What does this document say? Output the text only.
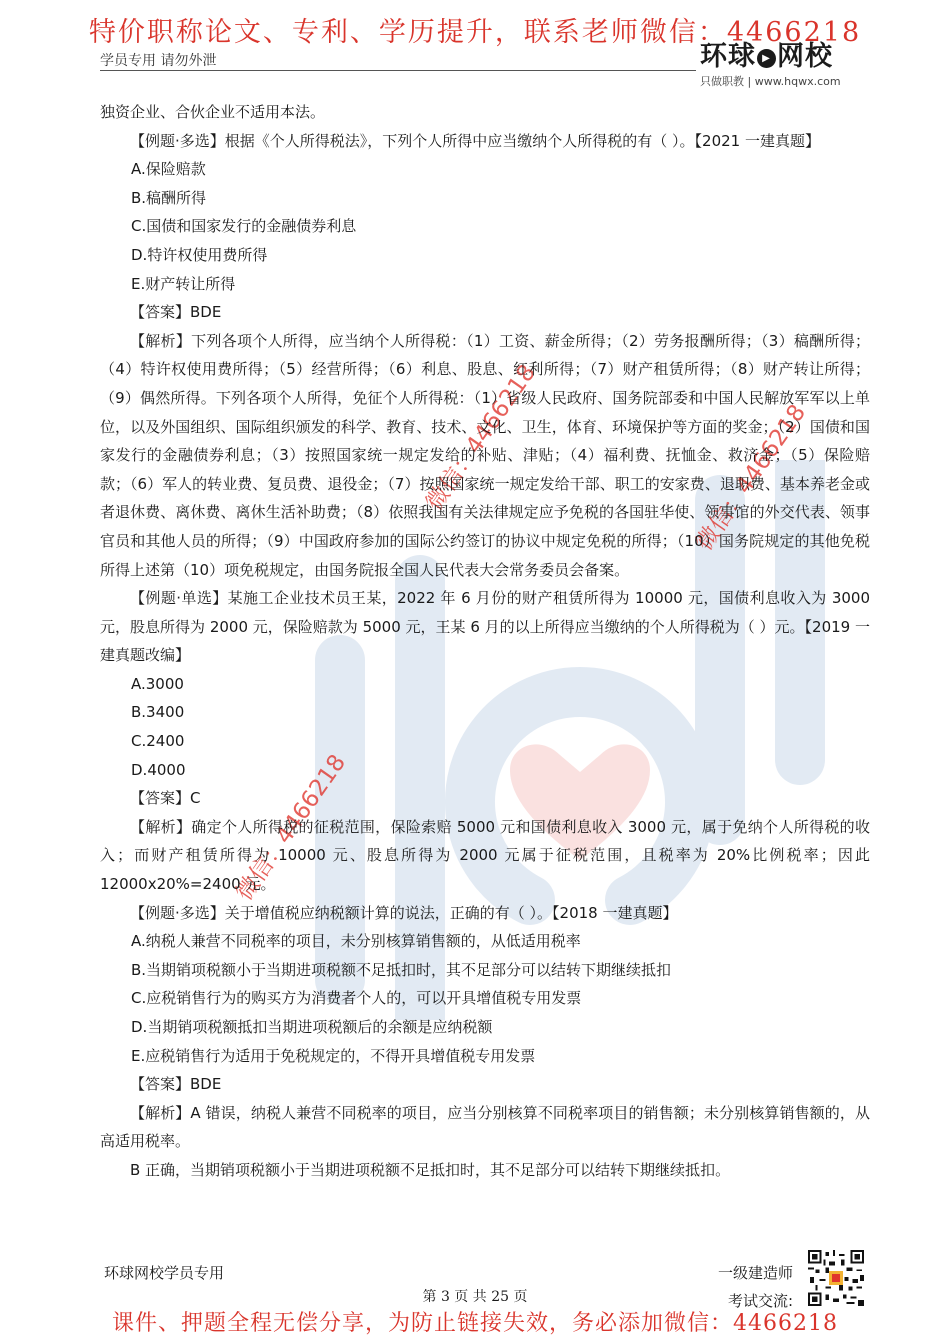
特价职称论文、专利、学历提升，联系老师微信：4466218
学员专用 请勿外泄	环球 ▶ 网校
只做职教 | www.hqwx.com
微信：4466218	微信：4466218
微信：4466218

独资企业、合伙企业不适用本法。

【例题·多选】根据《个人所得税法》，下列个人所得中应当缴纳个人所得税的有（ ）。【2021 一建真题】

A.保险赔款

B.稿酬所得

C.国债和国家发行的金融债券利息

D.特许权使用费所得

E.财产转让所得

【答案】BDE

【解析】下列各项个人所得，应当纳个人所得税：（1）工资、薪金所得；（2）劳务报酬所得；（3）稿酬所得；（4）特许权使用费所得；（5）经营所得；（6）利息、股息、红利所得；（7）财产租赁所得；（8）财产转让所得；（9）偶然所得。下列各项个人所得，免征个人所得税：（1）省级人民政府、国务院部委和中国人民解放军军以上单位，以及外国组织、国际组织颁发的科学、教育、技术、文化、卫生，体育、环境保护等方面的奖金；（2）国债和国家发行的金融债券利息；（3）按照国家统一规定发给的补贴、津贴；（4）福利费、抚恤金、救济金；（5）保险赔款；（6）军人的转业费、复员费、退役金；（7）按照国家统一规定发给干部、职工的安家费、退职费、基本养老金或者退休费、离休费、离休生活补助费；（8）依照我国有关法律规定应予免税的各国驻华使、领事馆的外交代表、领事官员和其他人员的所得；（9）中国政府参加的国际公约签订的协议中规定免税的所得；（10）国务院规定的其他免税所得上述第（10）项免税规定，由国务院报全国人民代表大会常务委员会备案。

【例题·单选】某施工企业技术员王某，2022 年 6 月份的财产租赁所得为 10000 元，国债利息收入为 3000 元，股息所得为 2000 元，保险赔款为 5000 元，王某 6 月的以上所得应当缴纳的个人所得税为（ ）元。【2019 一建真题改编】

A.3000

B.3400

C.2400

D.4000

【答案】C

【解析】确定个人所得税的征税范围，保险索赔 5000 元和国债利息收入 3000 元，属于免纳个人所得税的收入；而财产租赁所得为 10000 元、股息所得为 2000 元属于征税范围，且税率为 20%比例税率；因此 12000x20%=2400 元。

【例题·多选】关于增值税应纳税额计算的说法，正确的有（ ）。【2018 一建真题】

A.纳税人兼营不同税率的项目，未分别核算销售额的，从低适用税率

B.当期销项税额小于当期进项税额不足抵扣时，其不足部分可以结转下期继续抵扣

C.应税销售行为的购买方为消费者个人的，可以开具增值税专用发票

D.当期销项税额抵扣当期进项税额后的余额是应纳税额

E.应税销售行为适用于免税规定的，不得开具增值税专用发票

【答案】BDE

【解析】A 错误，纳税人兼营不同税率的项目，应当分别核算不同税率项目的销售额；未分别核算销售额的，从高适用税率。

B 正确，当期销项税额小于当期进项税额不足抵扣时，其不足部分可以结转下期继续抵扣。

环球网校学员专用
第 3 页 共 25 页
一级建造师
考试交流:
课件、押题全程无偿分享，为防止链接失效，务必添加微信：4466218
